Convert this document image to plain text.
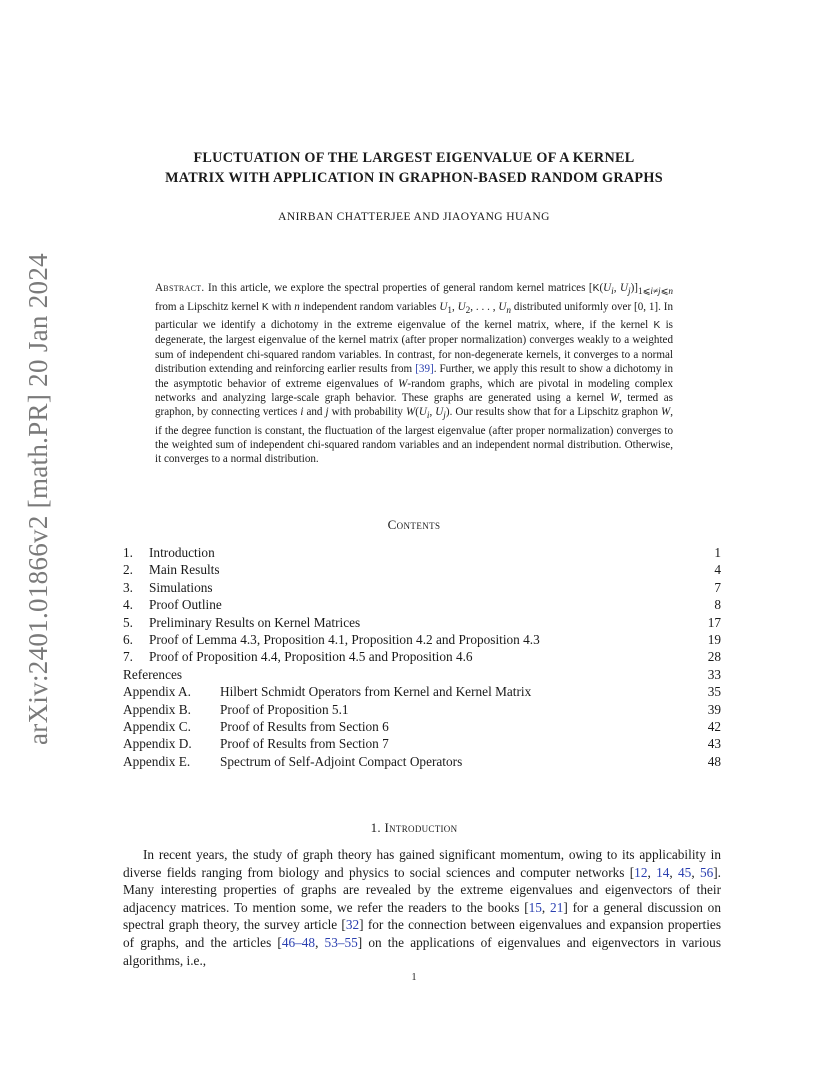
arXiv:2401.01866v2 [math.PR] 20 Jan 2024
FLUCTUATION OF THE LARGEST EIGENVALUE OF A KERNEL
MATRIX WITH APPLICATION IN GRAPHON-BASED RANDOM GRAPHS
ANIRBAN CHATTERJEE AND JIAOYANG HUANG
Abstract. In this article, we explore the spectral properties of general random kernel matrices [$K(U_i$, $U_j)]_{1⩽i\ne j⩽n}$ from a Lipschitz kernel K with n independent random variables $U_1$, $U_2$, . . . , $U_n$ distributed uniformly over [0, 1]. In particular we identify a dichotomy in the extreme eigenvalue of the kernel matrix, where, if the kernel K is degenerate, the largest eigenvalue of the kernel matrix (after proper normalization) converges weakly to a weighted sum of independent chi-squared random variables. In contrast, for non-degenerate kernels, it converges to a normal distribution extending and reinforcing earlier results from [39]. Further, we apply this result to show a dichotomy in the asymptotic behavior of extreme eigenvalues of W-random graphs, which are pivotal in modeling complex networks and analyzing large-scale graph behavior. These graphs are generated using a kernel W, termed as graphon, by connecting vertices i and j with probability $W(U_i$, $U_j$). Our results show that for a Lipschitz graphon W, if the degree function is constant, the fluctuation of the largest eigenvalue (after proper normalization) converges to the weighted sum of independent chi-squared random variables and an independent normal distribution. Otherwise, it converges to a normal distribution.
Contents
1. Introduction	1
2. Main Results	4
3. Simulations	7
4. Proof Outline	8
5. Preliminary Results on Kernel Matrices	17
6. Proof of Lemma 4.3, Proposition 4.1, Proposition 4.2 and Proposition 4.3	19
7. Proof of Proposition 4.4, Proposition 4.5 and Proposition 4.6	28
References	33
Appendix A. Hilbert Schmidt Operators from Kernel and Kernel Matrix	35
Appendix B. Proof of Proposition 5.1	39
Appendix C. Proof of Results from Section 6	42
Appendix D. Proof of Results from Section 7	43
Appendix E. Spectrum of Self-Adjoint Compact Operators	48
1. Introduction

  In recent years, the study of graph theory has gained significant momentum, owing to its applicability in diverse fields ranging from biology and physics to social sciences and computer networks [12, 14, 45, 56]. Many interesting properties of graphs are revealed by the extreme eigenvalues and eigenvectors of their adjacency matrices. To mention some, we refer the readers to the books [15, 21] for a general discussion on spectral graph theory, the survey article [32] for the connection between eigenvalues and expansion properties of graphs, and the articles [46–48, 53–55] on the applications of eigenvalues and eigenvectors in various algorithms, i.e.,

1
